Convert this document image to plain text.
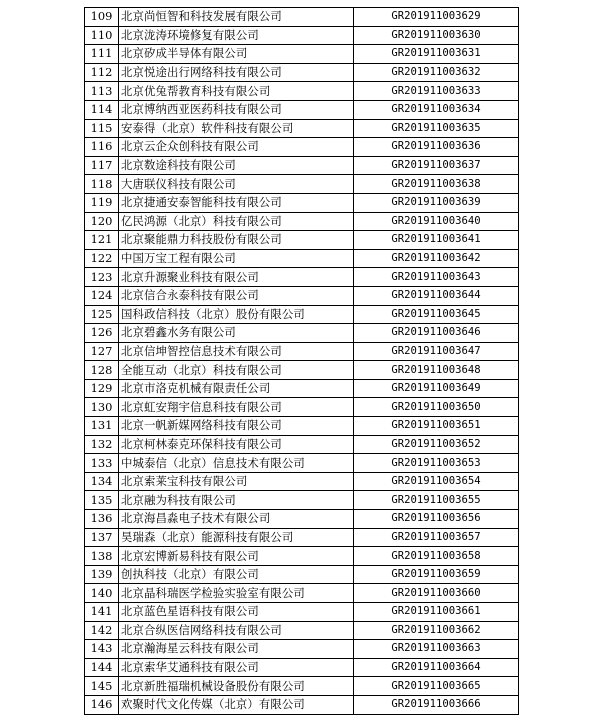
109	北京尚恒智和科技发展有限公司	GR201911003629
110	北京泷涛环境修复有限公司	GR201911003630
111	北京矽成半导体有限公司	GR201911003631
112	北京悦途出行网络科技有限公司	GR201911003632
113	北京优兔帮教育科技有限公司	GR201911003633
114	北京博纳西亚医药科技有限公司	GR201911003634
115	安泰得（北京）软件科技有限公司	GR201911003635
116	北京云企众创科技有限公司	GR201911003636
117	北京数途科技有限公司	GR201911003637
118	大唐联仪科技有限公司	GR201911003638
119	北京捷通安泰智能科技有限公司	GR201911003639
120	亿民鸿源（北京）科技有限公司	GR201911003640
121	北京聚能鼎力科技股份有限公司	GR201911003641
122	中国万宝工程有限公司	GR201911003642
123	北京升源聚业科技有限公司	GR201911003643
124	北京信合永泰科技有限公司	GR201911003644
125	国科政信科技（北京）股份有限公司	GR201911003645
126	北京碧鑫水务有限公司	GR201911003646
127	北京信坤智控信息技术有限公司	GR201911003647
128	全能互动（北京）科技有限公司	GR201911003648
129	北京市洛克机械有限责任公司	GR201911003649
130	北京虹安翔宇信息科技有限公司	GR201911003650
131	北京一帆新媒网络科技有限公司	GR201911003651
132	北京柯林泰克环保科技有限公司	GR201911003652
133	中城泰信（北京）信息技术有限公司	GR201911003653
134	北京索莱宝科技有限公司	GR201911003654
135	北京融为科技有限公司	GR201911003655
136	北京海昌淼电子技术有限公司	GR201911003656
137	昊瑞森（北京）能源科技有限公司	GR201911003657
138	北京宏博新易科技有限公司	GR201911003658
139	创执科技（北京）有限公司	GR201911003659
140	北京晶科瑞医学检验实验室有限公司	GR201911003660
141	北京蓝色星语科技有限公司	GR201911003661
142	北京合纵医信网络科技有限公司	GR201911003662
143	北京瀚海星云科技有限公司	GR201911003663
144	北京索华艾通科技有限公司	GR201911003664
145	北京新胜福瑞机械设备股份有限公司	GR201911003665
146	欢聚时代文化传媒（北京）有限公司	GR201911003666
